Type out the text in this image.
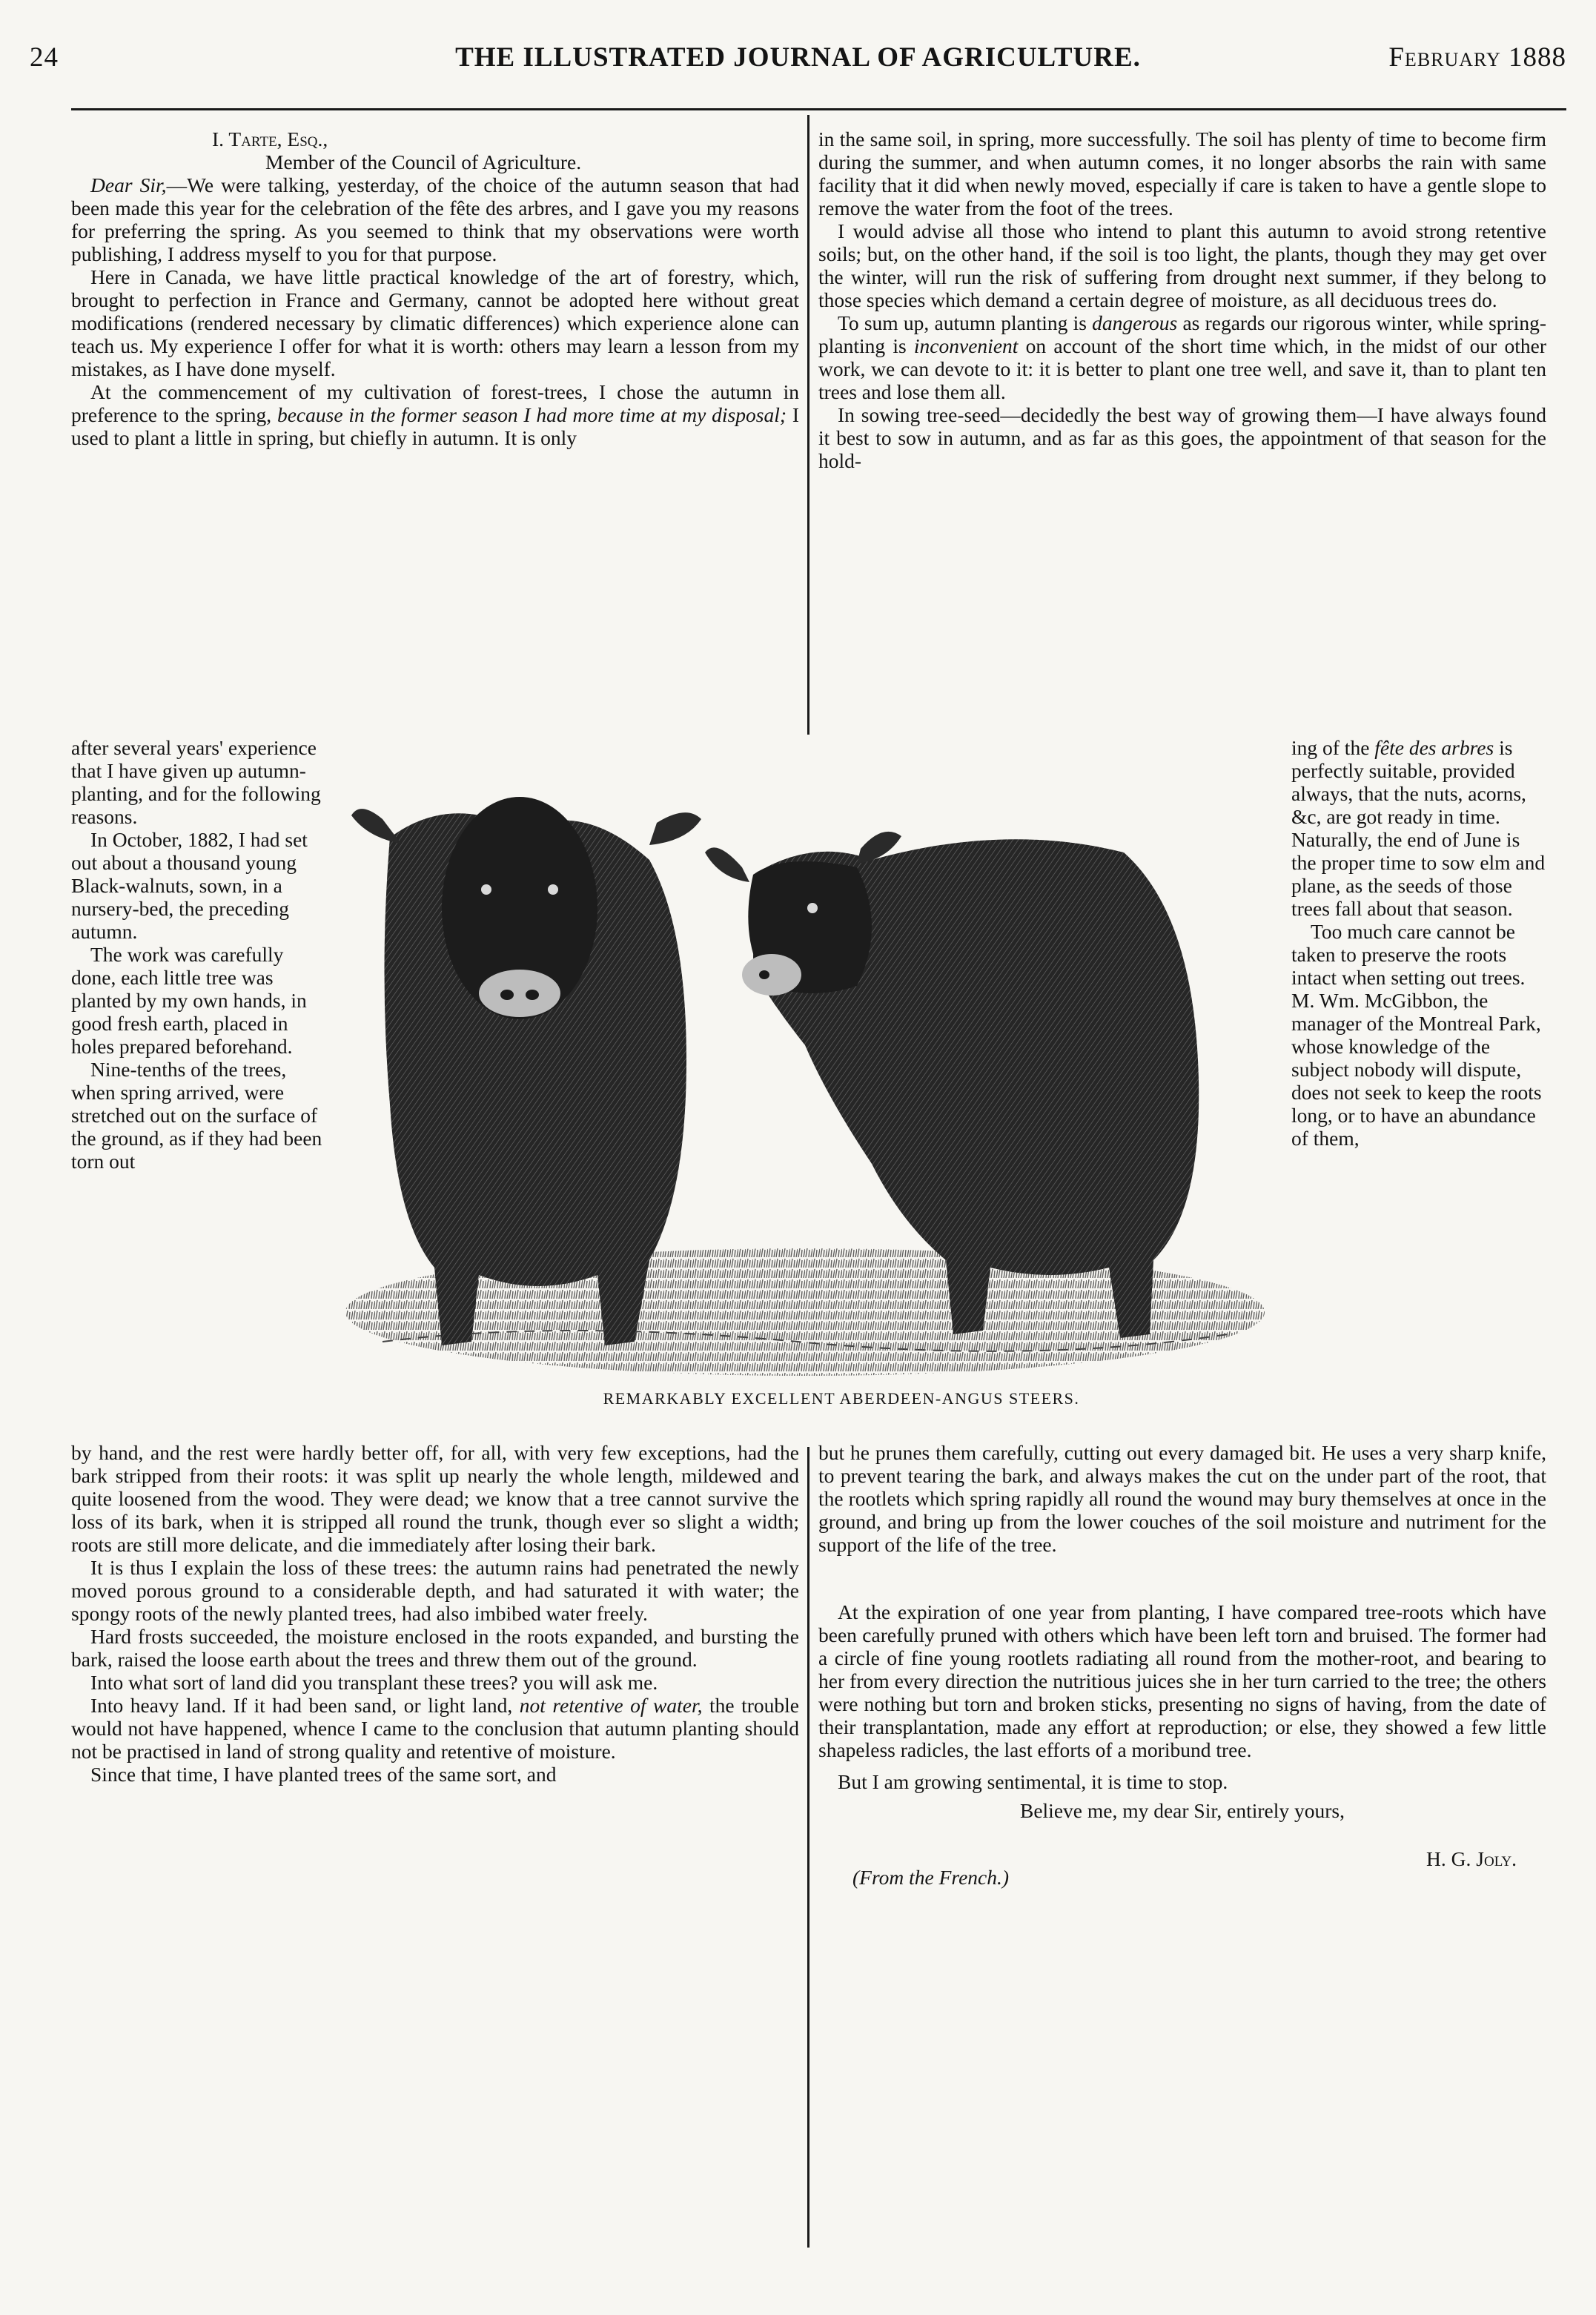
24	THE ILLUSTRATED JOURNAL OF AGRICULTURE.	February 1888

I. Tarte, Esq.,

Member of the Council of Agriculture.

Dear Sir,—We were talking, yesterday, of the choice of the autumn season that had been made this year for the celebration of the fête des arbres, and I gave you my reasons for preferring the spring. As you seemed to think that my observations were worth publishing, I address myself to you for that purpose.

Here in Canada, we have little practical knowledge of the art of forestry, which, brought to perfection in France and Germany, cannot be adopted here without great modifications (rendered necessary by climatic differences) which experience alone can teach us. My experience I offer for what it is worth: others may learn a lesson from my mistakes, as I have done myself.

At the commencement of my cultivation of forest-trees, I chose the autumn in preference to the spring, because in the former season I had more time at my disposal; I used to plant a little in spring, but chiefly in autumn. It is only

after several years' experience that I have given up autumn-planting, and for the following reasons.

In October, 1882, I had set out about a thousand young Black-walnuts, sown, in a nursery-bed, the preceding autumn.

The work was carefully done, each little tree was planted by my own hands, in good fresh earth, placed in holes prepared beforehand.

Nine-tenths of the trees, when spring arrived, were stretched out on the surface of the ground, as if they had been torn out

by hand, and the rest were hardly better off, for all, with very few exceptions, had the bark stripped from their roots: it was split up nearly the whole length, mildewed and quite loosened from the wood. They were dead; we know that a tree cannot survive the loss of its bark, when it is stripped all round the trunk, though ever so slight a width; roots are still more delicate, and die immediately after losing their bark.

It is thus I explain the loss of these trees: the autumn rains had penetrated the newly moved porous ground to a considerable depth, and had saturated it with water; the spongy roots of the newly planted trees, had also imbibed water freely.

Hard frosts succeeded, the moisture enclosed in the roots expanded, and bursting the bark, raised the loose earth about the trees and threw them out of the ground.

Into what sort of land did you transplant these trees? you will ask me.

Into heavy land. If it had been sand, or light land, not retentive of water, the trouble would not have happened, whence I came to the conclusion that autumn planting should not be practised in land of strong quality and retentive of moisture.

Since that time, I have planted trees of the same sort, and

in the same soil, in spring, more successfully. The soil has plenty of time to become firm during the summer, and when autumn comes, it no longer absorbs the rain with same facility that it did when newly moved, especially if care is taken to have a gentle slope to remove the water from the foot of the trees.

I would advise all those who intend to plant this autumn to avoid strong retentive soils; but, on the other hand, if the soil is too light, the plants, though they may get over the winter, will run the risk of suffering from drought next summer, if they belong to those species which demand a certain degree of moisture, as all deciduous trees do.

To sum up, autumn planting is dangerous as regards our rigorous winter, while spring-planting is inconvenient on account of the short time which, in the midst of our other work, we can devote to it: it is better to plant one tree well, and save it, than to plant ten trees and lose them all.

In sowing tree-seed—decidedly the best way of growing them—I have always found it best to sow in autumn, and as far as this goes, the appointment of that season for the hold-

ing of the fête des arbres is perfectly suitable, provided always, that the nuts, acorns, &c, are got ready in time. Naturally, the end of June is the proper time to sow elm and plane, as the seeds of those trees fall about that season.

Too much care cannot be taken to preserve the roots intact when setting out trees. M. Wm. McGibbon, the manager of the Montreal Park, whose knowledge of the subject nobody will dispute, does not seek to keep the roots long, or to have an abundance of them,

but he prunes them carefully, cutting out every damaged bit. He uses a very sharp knife, to prevent tearing the bark, and always makes the cut on the under part of the root, that the rootlets which spring rapidly all round the wound may bury themselves at once in the ground, and bring up from the lower couches of the soil moisture and nutriment for the support of the life of the tree.

At the expiration of one year from planting, I have compared tree-roots which have been carefully pruned with others which have been left torn and bruised. The former had a circle of fine young rootlets radiating all round from the mother-root, and bearing to her from every direction the nutritious juices she in her turn carried to the tree; the others were nothing but torn and broken sticks, presenting no signs of having, from the date of their transplantation, made any effort at reproduction; or else, they showed a few little shapeless radicles, the last efforts of a moribund tree.

But I am growing sentimental, it is time to stop.

Believe me, my dear Sir, entirely yours,

H. G. Joly.

(From the French.)

REMARKABLY EXCELLENT ABERDEEN-ANGUS STEERS.
